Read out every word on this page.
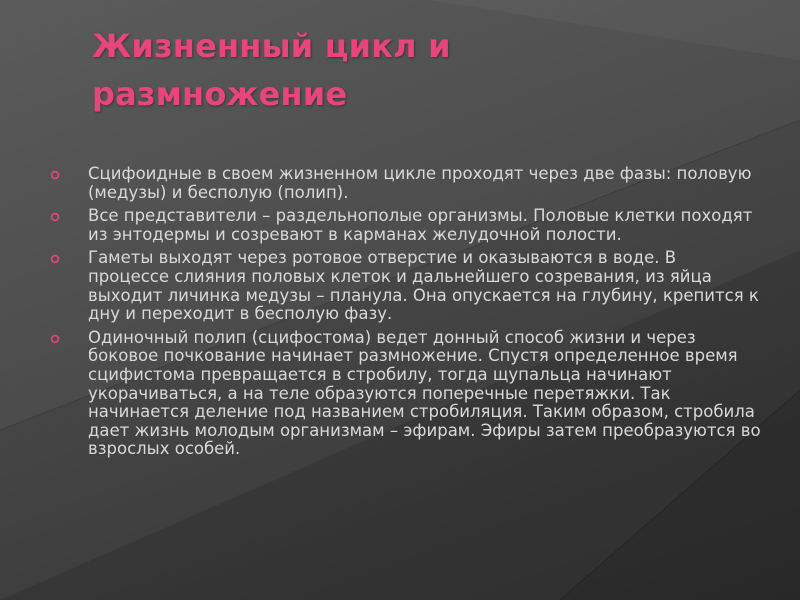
Жизненный цикл и
размножение
Сцифоидные в своем жизненном цикле проходят через две фазы: половую (медузы) и бесполую (полип).
Все представители – раздельнополые организмы. Половые клетки походят из энтодермы и созревают в карманах желудочной полости.
Гаметы выходят через ротовое отверстие и оказываются в воде. В процессе слияния половых клеток и дальнейшего созревания, из яйца выходит личинка медузы – планула. Она опускается на глубину, крепится к дну и переходит в бесполую фазу.
Одиночный полип (сцифостома) ведет донный способ жизни и через боковое почкование начинает размножение. Спустя определенное время сцифистома превращается в стробилу, тогда щупальца начинают укорачиваться, а на теле образуются поперечные перетяжки. Так начинается деление под названием стробиляция. Таким образом, стробила дает жизнь молодым организмам – эфирам. Эфиры затем преобразуются во взрослых особей.
